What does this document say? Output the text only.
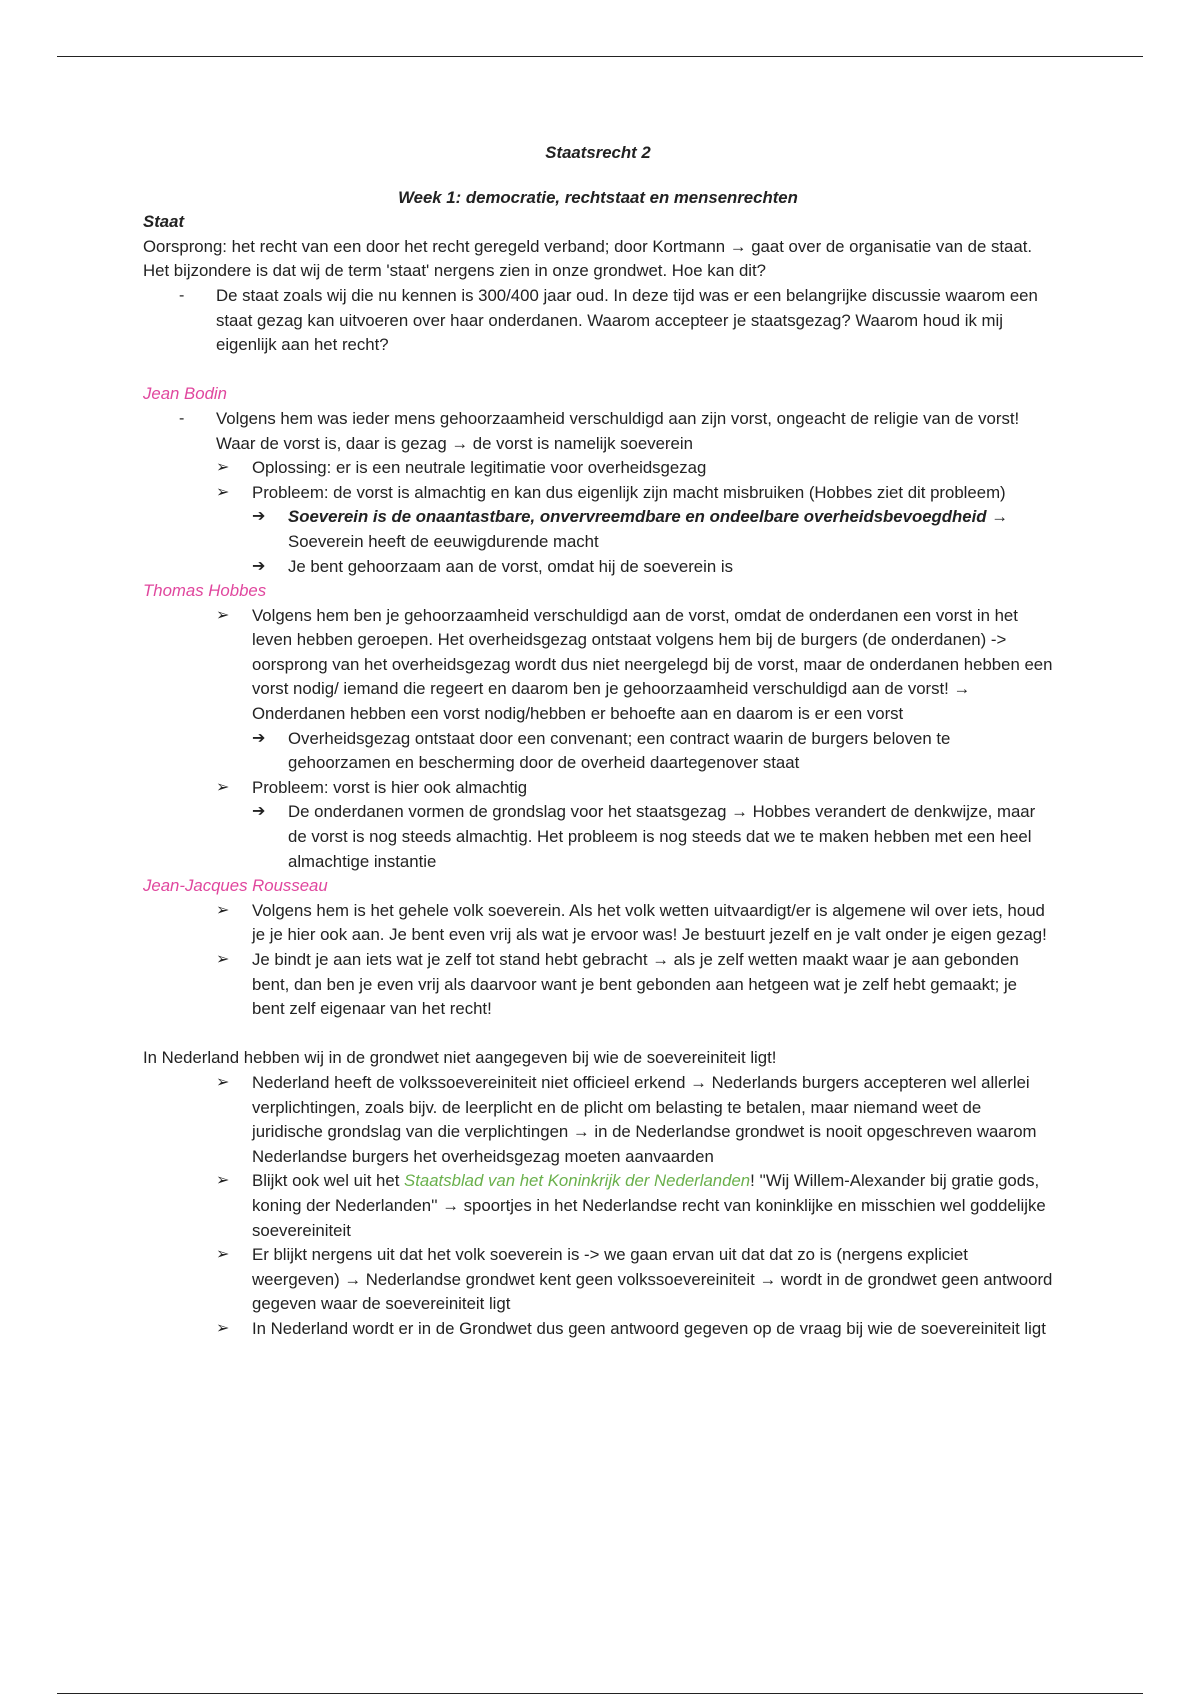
Staatsrecht 2

Week 1: democratie, rechtstaat en mensenrechten

Staat

Oorsprong: het recht van een door het recht geregeld verband; door Kortmann → gaat over de organisatie van de staat. Het bijzondere is dat wij de term 'staat' nergens zien in onze grondwet. Hoe kan dit?

- De staat zoals wij die nu kennen is 300/400 jaar oud. In deze tijd was er een belangrijke discussie waarom een staat gezag kan uitvoeren over haar onderdanen. Waarom accepteer je staatsgezag? Waarom houd ik mij eigenlijk aan het recht?

Jean Bodin

- Volgens hem was ieder mens gehoorzaamheid verschuldigd aan zijn vorst, ongeacht de religie van de vorst! Waar de vorst is, daar is gezag → de vorst is namelijk soeverein
➢ Oplossing: er is een neutrale legitimatie voor overheidsgezag
➢ Probleem: de vorst is almachtig en kan dus eigenlijk zijn macht misbruiken (Hobbes ziet dit probleem)
➔ Soeverein is de onaantastbare, onvervreemdbare en ondeelbare overheidsbevoegdheid → Soeverein heeft de eeuwigdurende macht
➔ Je bent gehoorzaam aan de vorst, omdat hij de soeverein is

Thomas Hobbes

➢ Volgens hem ben je gehoorzaamheid verschuldigd aan de vorst, omdat de onderdanen een vorst in het leven hebben geroepen. Het overheidsgezag ontstaat volgens hem bij de burgers (de onderdanen) -> oorsprong van het overheidsgezag wordt dus niet neergelegd bij de vorst, maar de onderdanen hebben een vorst nodig/ iemand die regeert en daarom ben je gehoorzaamheid verschuldigd aan de vorst! → Onderdanen hebben een vorst nodig/hebben er behoefte aan en daarom is er een vorst
➔ Overheidsgezag ontstaat door een convenant; een contract waarin de burgers beloven te gehoorzamen en bescherming door de overheid daartegenover staat
➢ Probleem: vorst is hier ook almachtig
➔ De onderdanen vormen de grondslag voor het staatsgezag → Hobbes verandert de denkwijze, maar de vorst is nog steeds almachtig. Het probleem is nog steeds dat we te maken hebben met een heel almachtige instantie

Jean-Jacques Rousseau

➢ Volgens hem is het gehele volk soeverein. Als het volk wetten uitvaardigt/er is algemene wil over iets, houd je je hier ook aan. Je bent even vrij als wat je ervoor was! Je bestuurt jezelf en je valt onder je eigen gezag!
➢ Je bindt je aan iets wat je zelf tot stand hebt gebracht → als je zelf wetten maakt waar je aan gebonden bent, dan ben je even vrij als daarvoor want je bent gebonden aan hetgeen wat je zelf hebt gemaakt; je bent zelf eigenaar van het recht!

In Nederland hebben wij in de grondwet niet aangegeven bij wie de soevereiniteit ligt!

➢ Nederland heeft de volkssoevereiniteit niet officieel erkend → Nederlands burgers accepteren wel allerlei verplichtingen, zoals bijv. de leerplicht en de plicht om belasting te betalen, maar niemand weet de juridische grondslag van die verplichtingen → in de Nederlandse grondwet is nooit opgeschreven waarom Nederlandse burgers het overheidsgezag moeten aanvaarden
➢ Blijkt ook wel uit het Staatsblad van het Koninkrijk der Nederlanden! ''Wij Willem-Alexander bij gratie gods, koning der Nederlanden'' → spoortjes in het Nederlandse recht van koninklijke en misschien wel goddelijke soevereiniteit
➢ Er blijkt nergens uit dat het volk soeverein is -> we gaan ervan uit dat dat zo is (nergens expliciet weergeven) → Nederlandse grondwet kent geen volkssoevereiniteit → wordt in de grondwet geen antwoord gegeven waar de soevereiniteit ligt
➢ In Nederland wordt er in de Grondwet dus geen antwoord gegeven op de vraag bij wie de soevereiniteit ligt
